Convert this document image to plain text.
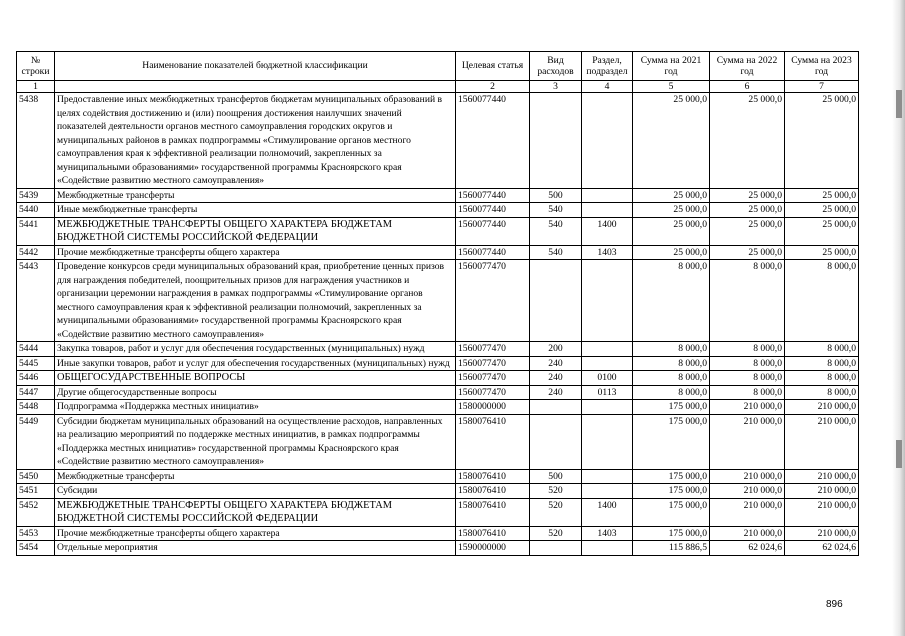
№ строки	Наименование показателей бюджетной классификации	Целевая статья	Вид расходов	Раздел, подраздел	Сумма на 2021 год	Сумма на 2022 год	Сумма на 2023 год
1		2	3	4	5	6	7
5438	Предоставление иных межбюджетных трансфертов бюджетам муниципальных образований в целях содействия достижению и (или) поощрения достижения наилучших значений показателей деятельности органов местного самоуправления городских округов и муниципальных районов в рамках подпрограммы «Стимулирование органов местного самоуправления края к эффективной реализации полномочий, закрепленных за муниципальными образованиями» государственной программы Красноярского края «Содействие развитию местного самоуправления»	1560077440			25 000,0	25 000,0	25 000,0
5439	Межбюджетные трансферты	1560077440	500		25 000,0	25 000,0	25 000,0
5440	Иные межбюджетные трансферты	1560077440	540		25 000,0	25 000,0	25 000,0
5441	МЕЖБЮДЖЕТНЫЕ ТРАНСФЕРТЫ ОБЩЕГО ХАРАКТЕРА БЮДЖЕТАМ БЮДЖЕТНОЙ СИСТЕМЫ РОССИЙСКОЙ ФЕДЕРАЦИИ	1560077440	540	1400	25 000,0	25 000,0	25 000,0
5442	Прочие межбюджетные трансферты общего характера	1560077440	540	1403	25 000,0	25 000,0	25 000,0
5443	Проведение конкурсов среди муниципальных образований края, приобретение ценных призов для награждения победителей, поощрительных призов для награждения участников и организации церемонии награждения в рамках подпрограммы «Стимулирование органов местного самоуправления края к эффективной реализации полномочий, закрепленных за муниципальными образованиями» государственной программы Красноярского края «Содействие развитию местного самоуправления»	1560077470			8 000,0	8 000,0	8 000,0
5444	Закупка товаров, работ и услуг для обеспечения государственных (муниципальных) нужд	1560077470	200		8 000,0	8 000,0	8 000,0
5445	Иные закупки товаров, работ и услуг для обеспечения государственных (муниципальных) нужд	1560077470	240		8 000,0	8 000,0	8 000,0
5446	ОБЩЕГОСУДАРСТВЕННЫЕ ВОПРОСЫ	1560077470	240	0100	8 000,0	8 000,0	8 000,0
5447	Другие общегосударственные вопросы	1560077470	240	0113	8 000,0	8 000,0	8 000,0
5448	Подпрограмма «Поддержка местных инициатив»	1580000000			175 000,0	210 000,0	210 000,0
5449	Субсидии бюджетам муниципальных образований на осуществление расходов, направленных на реализацию мероприятий по поддержке местных инициатив, в рамках подпрограммы «Поддержка местных инициатив» государственной программы Красноярского края «Содействие развитию местного самоуправления»	1580076410			175 000,0	210 000,0	210 000,0
5450	Межбюджетные трансферты	1580076410	500		175 000,0	210 000,0	210 000,0
5451	Субсидии	1580076410	520		175 000,0	210 000,0	210 000,0
5452	МЕЖБЮДЖЕТНЫЕ ТРАНСФЕРТЫ ОБЩЕГО ХАРАКТЕРА БЮДЖЕТАМ БЮДЖЕТНОЙ СИСТЕМЫ РОССИЙСКОЙ ФЕДЕРАЦИИ	1580076410	520	1400	175 000,0	210 000,0	210 000,0
5453	Прочие межбюджетные трансферты общего характера	1580076410	520	1403	175 000,0	210 000,0	210 000,0
5454	Отдельные мероприятия	1590000000			115 886,5	62 024,6	62 024,6
896
